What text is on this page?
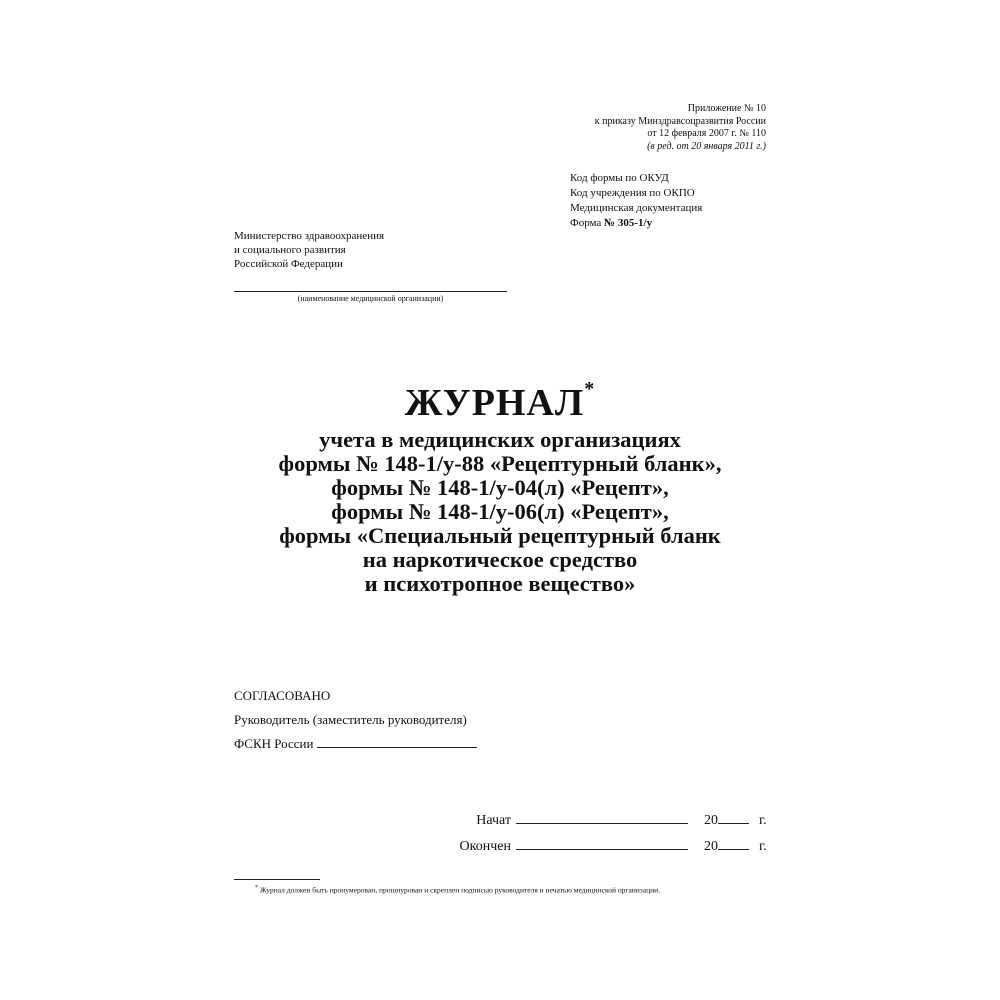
Приложение № 10
к приказу Минздравсоцразвития России
от 12 февраля 2007 г. № 110
(в ред. от 20 января 2011 г.)
Код формы по ОКУД
Код учреждения по ОКПО
Медицинская документация
Форма № 305-1/у
Министерство здравоохранения
и социального развития
Российской Федерации
(наименование медицинской организации)
ЖУРНАЛ*
учета в медицинских организациях
формы № 148-1/у-88 «Рецептурный бланк»,
формы № 148-1/у-04(л) «Рецепт»,
формы № 148-1/у-06(л) «Рецепт»,
формы «Специальный рецептурный бланк
на наркотическое средство
и психотропное вещество»
СОГЛАСОВАНО
Руководитель (заместитель руководителя)
ФСКН России
Начат	20	г.
Окончен	20	г.
* Журнал должен быть пронумерован, прошнурован и скреплен подписью руководителя и печатью медицинской организации.
